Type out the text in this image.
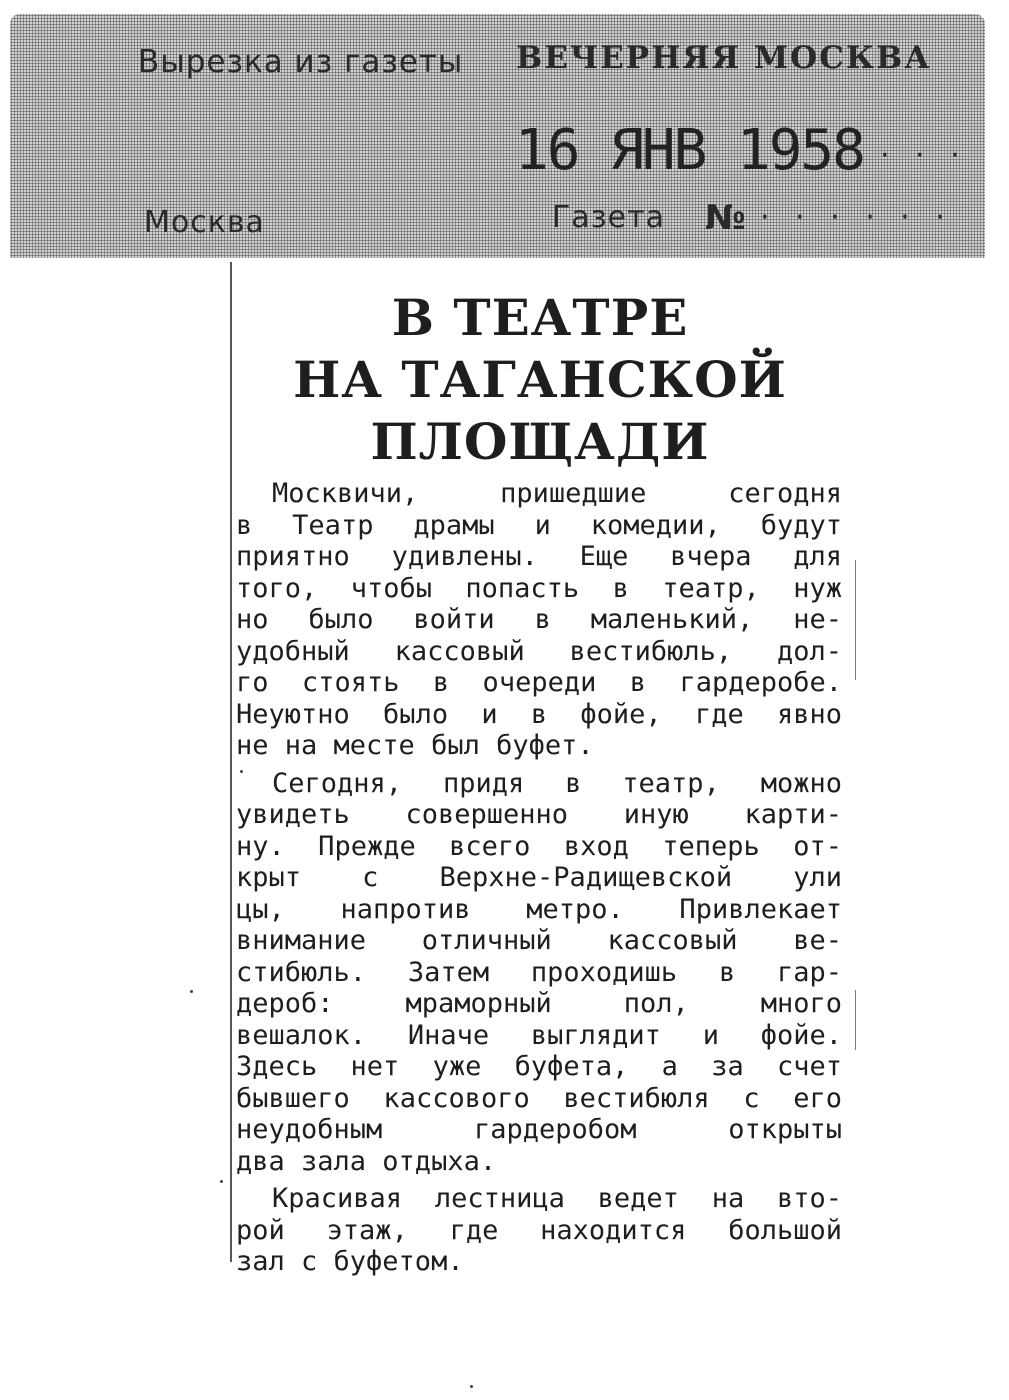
Вырезка из газеты ВЕЧЕРНЯЯ МОСКВА
16 ЯНВ 1958 · · ·
Москва	Газета № · · · · · ·
В ТЕАТРЕ
НА ТАГАНСКОЙ
ПЛОЩАДИ
Москвичи, пришедшие сегодня
в Театр драмы и комедии, будут
приятно удивлены. Еще вчера для
того, чтобы попасть в театр, нуж
но было войти в маленький, не-
удобный кассовый вестибюль, дол-
го стоять в очереди в гардеробе.
Неуютно было и в фойе, где явно
не на месте был буфет.
Сегодня, придя в театр, можно
увидеть совершенно иную карти-
ну. Прежде всего вход теперь от-
крыт с Верхне-Радищевской ули
цы, напротив метро. Привлекает
внимание отличный кассовый ве-
стибюль. Затем проходишь в гар-
дероб: мраморный пол, много
вешалок. Иначе выглядит и фойе.
Здесь нет уже буфета, а за счет
бывшего кассового вестибюля с его
неудобным гардеробом открыты
два зала отдыха.
Красивая лестница ведет на вто-
рой этаж, где находится большой
зал с буфетом.
